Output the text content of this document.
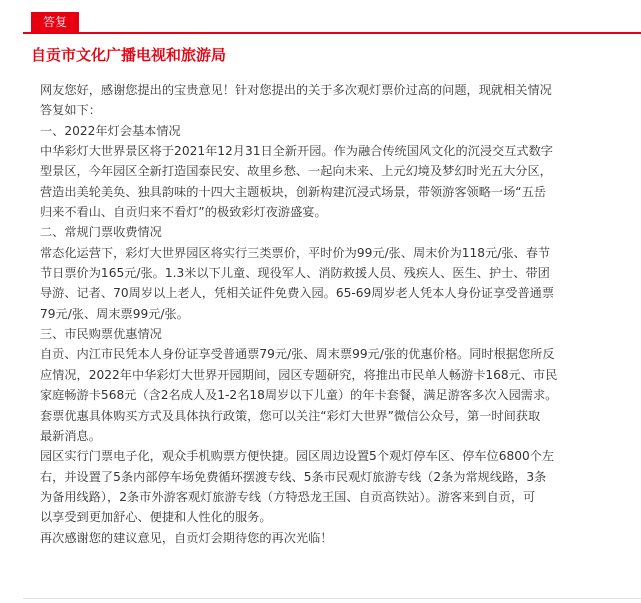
答复
自贡市文化广播电视和旅游局
网友您好，感谢您提出的宝贵意见！针对您提出的关于多次观灯票价过高的问题，现就相关情况
答复如下：
一、2022年灯会基本情况
中华彩灯大世界景区将于2021年12月31日全新开园。作为融合传统国风文化的沉浸交互式数字
型景区，今年园区全新打造国泰民安、故里乡愁、一起向未来、上元幻境及梦幻时光五大分区，
营造出美轮美奂、独具韵味的十四大主题板块，创新构建沉浸式场景，带领游客领略一场“五岳
归来不看山、自贡归来不看灯”的极致彩灯夜游盛宴。
二、常规门票收费情况
常态化运营下，彩灯大世界园区将实行三类票价，平时价为99元/张、周末价为118元/张、春节
节日票价为165元/张。1.3米以下儿童、现役军人、消防救援人员、残疾人、医生、护士、带团
导游、记者、70周岁以上老人，凭相关证件免费入园。65-69周岁老人凭本人身份证享受普通票
79元/张、周末票99元/张。
三、市民购票优惠情况
自贡、内江市民凭本人身份证享受普通票79元/张、周末票99元/张的优惠价格。同时根据您所反
应情况，2022年中华彩灯大世界开园期间，园区专题研究，将推出市民单人畅游卡168元、市民
家庭畅游卡568元（含2名成人及1-2名18周岁以下儿童）的年卡套餐，满足游客多次入园需求。
套票优惠具体购买方式及具体执行政策，您可以关注“彩灯大世界”微信公众号，第一时间获取
最新消息。
园区实行门票电子化，观众手机购票方便快捷。园区周边设置5个观灯停车区、停车位6800个左
右，并设置了5条内部停车场免费循环摆渡专线、5条市民观灯旅游专线（2条为常规线路，3条
为备用线路），2条市外游客观灯旅游专线（方特恐龙王国、自贡高铁站）。游客来到自贡，可
以享受到更加舒心、便捷和人性化的服务。
再次感谢您的建议意见，自贡灯会期待您的再次光临！
